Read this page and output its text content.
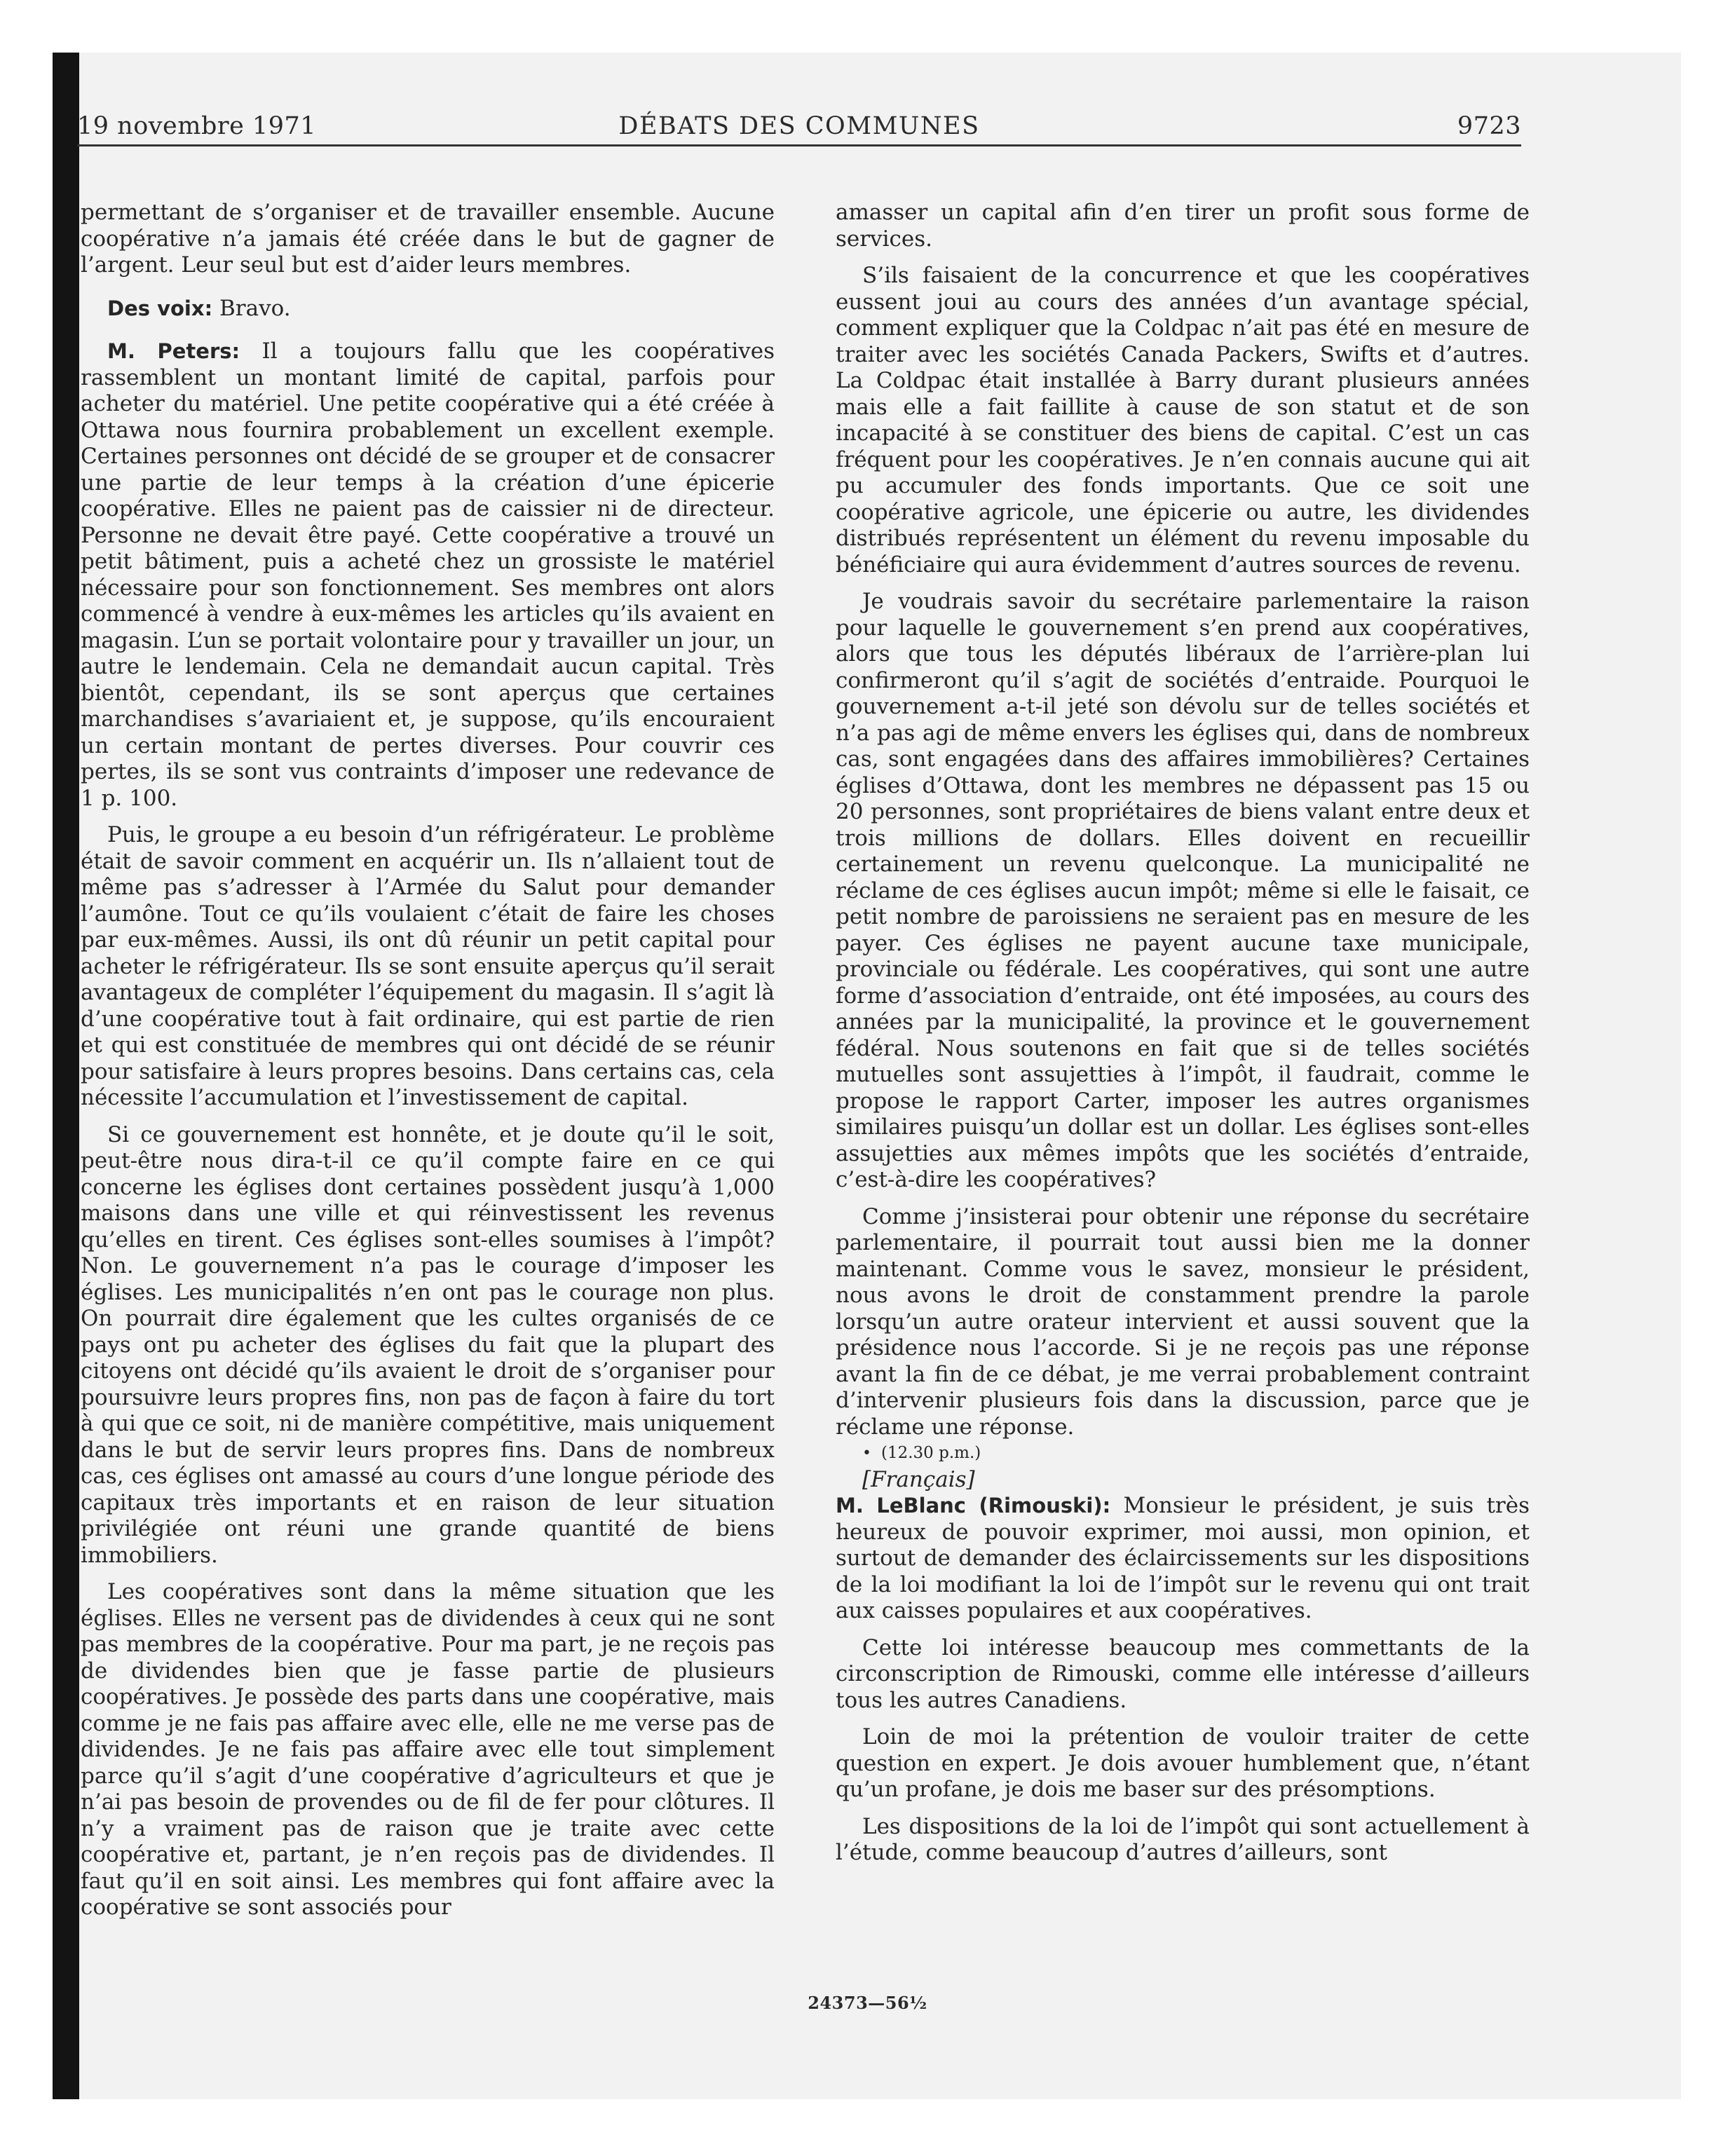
19 novembre 1971	DÉBATS DES COMMUNES	9723

permettant de s’organiser et de travailler ensemble. Aucune coopérative n’a jamais été créée dans le but de gagner de l’argent. Leur seul but est d’aider leurs membres.

Des voix: Bravo.

M. Peters: Il a toujours fallu que les coopératives rassemblent un montant limité de capital, parfois pour acheter du matériel. Une petite coopérative qui a été créée à Ottawa nous fournira probablement un excellent exemple. Certaines personnes ont décidé de se grouper et de consacrer une partie de leur temps à la création d’une épicerie coopérative. Elles ne paient pas de caissier ni de directeur. Personne ne devait être payé. Cette coopérative a trouvé un petit bâtiment, puis a acheté chez un grossiste le matériel nécessaire pour son fonctionnement. Ses membres ont alors commencé à vendre à eux-mêmes les articles qu’ils avaient en magasin. L’un se portait volontaire pour y travailler un jour, un autre le lendemain. Cela ne demandait aucun capital. Très bientôt, cependant, ils se sont aperçus que certaines marchandises s’avariaient et, je suppose, qu’ils encouraient un certain montant de pertes diverses. Pour couvrir ces pertes, ils se sont vus contraints d’imposer une redevance de 1 p. 100.

Puis, le groupe a eu besoin d’un réfrigérateur. Le problème était de savoir comment en acquérir un. Ils n’allaient tout de même pas s’adresser à l’Armée du Salut pour demander l’aumône. Tout ce qu’ils voulaient c’était de faire les choses par eux-mêmes. Aussi, ils ont dû réunir un petit capital pour acheter le réfrigérateur. Ils se sont ensuite aperçus qu’il serait avantageux de compléter l’équipement du magasin. Il s’agit là d’une coopérative tout à fait ordinaire, qui est partie de rien et qui est constituée de membres qui ont décidé de se réunir pour satisfaire à leurs propres besoins. Dans certains cas, cela nécessite l’accumulation et l’investissement de capital.

Si ce gouvernement est honnête, et je doute qu’il le soit, peut-être nous dira-t-il ce qu’il compte faire en ce qui concerne les églises dont certaines possèdent jusqu’à 1,000 maisons dans une ville et qui réinvestissent les revenus qu’elles en tirent. Ces églises sont-elles soumises à l’impôt? Non. Le gouvernement n’a pas le courage d’imposer les églises. Les municipalités n’en ont pas le courage non plus. On pourrait dire également que les cultes organisés de ce pays ont pu acheter des églises du fait que la plupart des citoyens ont décidé qu’ils avaient le droit de s’organiser pour poursuivre leurs propres fins, non pas de façon à faire du tort à qui que ce soit, ni de manière compétitive, mais uniquement dans le but de servir leurs propres fins. Dans de nombreux cas, ces églises ont amassé au cours d’une longue période des capitaux très importants et en raison de leur situation privilégiée ont réuni une grande quantité de biens immobiliers.

Les coopératives sont dans la même situation que les églises. Elles ne versent pas de dividendes à ceux qui ne sont pas membres de la coopérative. Pour ma part, je ne reçois pas de dividendes bien que je fasse partie de plusieurs coopératives. Je possède des parts dans une coopérative, mais comme je ne fais pas affaire avec elle, elle ne me verse pas de dividendes. Je ne fais pas affaire avec elle tout simplement parce qu’il s’agit d’une coopérative d’agriculteurs et que je n’ai pas besoin de provendes ou de fil de fer pour clôtures. Il n’y a vraiment pas de raison que je traite avec cette coopérative et, partant, je n’en reçois pas de dividendes. Il faut qu’il en soit ainsi. Les membres qui font affaire avec la coopérative se sont associés pour

amasser un capital afin d’en tirer un profit sous forme de services.

S’ils faisaient de la concurrence et que les coopératives eussent joui au cours des années d’un avantage spécial, comment expliquer que la Coldpac n’ait pas été en mesure de traiter avec les sociétés Canada Packers, Swifts et d’autres. La Coldpac était installée à Barry durant plusieurs années mais elle a fait faillite à cause de son statut et de son incapacité à se constituer des biens de capital. C’est un cas fréquent pour les coopératives. Je n’en connais aucune qui ait pu accumuler des fonds importants. Que ce soit une coopérative agricole, une épicerie ou autre, les dividendes distribués représentent un élément du revenu imposable du bénéficiaire qui aura évidemment d’autres sources de revenu.

Je voudrais savoir du secrétaire parlementaire la raison pour laquelle le gouvernement s’en prend aux coopératives, alors que tous les députés libéraux de l’arrière-plan lui confirmeront qu’il s’agit de sociétés d’entraide. Pourquoi le gouvernement a-t-il jeté son dévolu sur de telles sociétés et n’a pas agi de même envers les églises qui, dans de nombreux cas, sont engagées dans des affaires immobilières? Certaines églises d’Ottawa, dont les membres ne dépassent pas 15 ou 20 personnes, sont propriétaires de biens valant entre deux et trois millions de dollars. Elles doivent en recueillir certainement un revenu quelconque. La municipalité ne réclame de ces églises aucun impôt; même si elle le faisait, ce petit nombre de paroissiens ne seraient pas en mesure de les payer. Ces églises ne payent aucune taxe municipale, provinciale ou fédérale. Les coopératives, qui sont une autre forme d’association d’entraide, ont été imposées, au cours des années par la municipalité, la province et le gouvernement fédéral. Nous soutenons en fait que si de telles sociétés mutuelles sont assujetties à l’impôt, il faudrait, comme le propose le rapport Carter, imposer les autres organismes similaires puisqu’un dollar est un dollar. Les églises sont-elles assujetties aux mêmes impôts que les sociétés d’entraide, c’est-à-dire les coopératives?

Comme j’insisterai pour obtenir une réponse du secrétaire parlementaire, il pourrait tout aussi bien me la donner maintenant. Comme vous le savez, monsieur le président, nous avons le droit de constamment prendre la parole lorsqu’un autre orateur intervient et aussi souvent que la présidence nous l’accorde. Si je ne reçois pas une réponse avant la fin de ce débat, je me verrai probablement contraint d’intervenir plusieurs fois dans la discussion, parce que je réclame une réponse.

• (12.30 p.m.)

[Français]

M. LeBlanc (Rimouski): Monsieur le président, je suis très heureux de pouvoir exprimer, moi aussi, mon opinion, et surtout de demander des éclaircissements sur les dispositions de la loi modifiant la loi de l’impôt sur le revenu qui ont trait aux caisses populaires et aux coopératives.

Cette loi intéresse beaucoup mes commettants de la circonscription de Rimouski, comme elle intéresse d’ailleurs tous les autres Canadiens.

Loin de moi la prétention de vouloir traiter de cette question en expert. Je dois avouer humblement que, n’étant qu’un profane, je dois me baser sur des présomptions.

Les dispositions de la loi de l’impôt qui sont actuellement à l’étude, comme beaucoup d’autres d’ailleurs, sont

24373—56½
